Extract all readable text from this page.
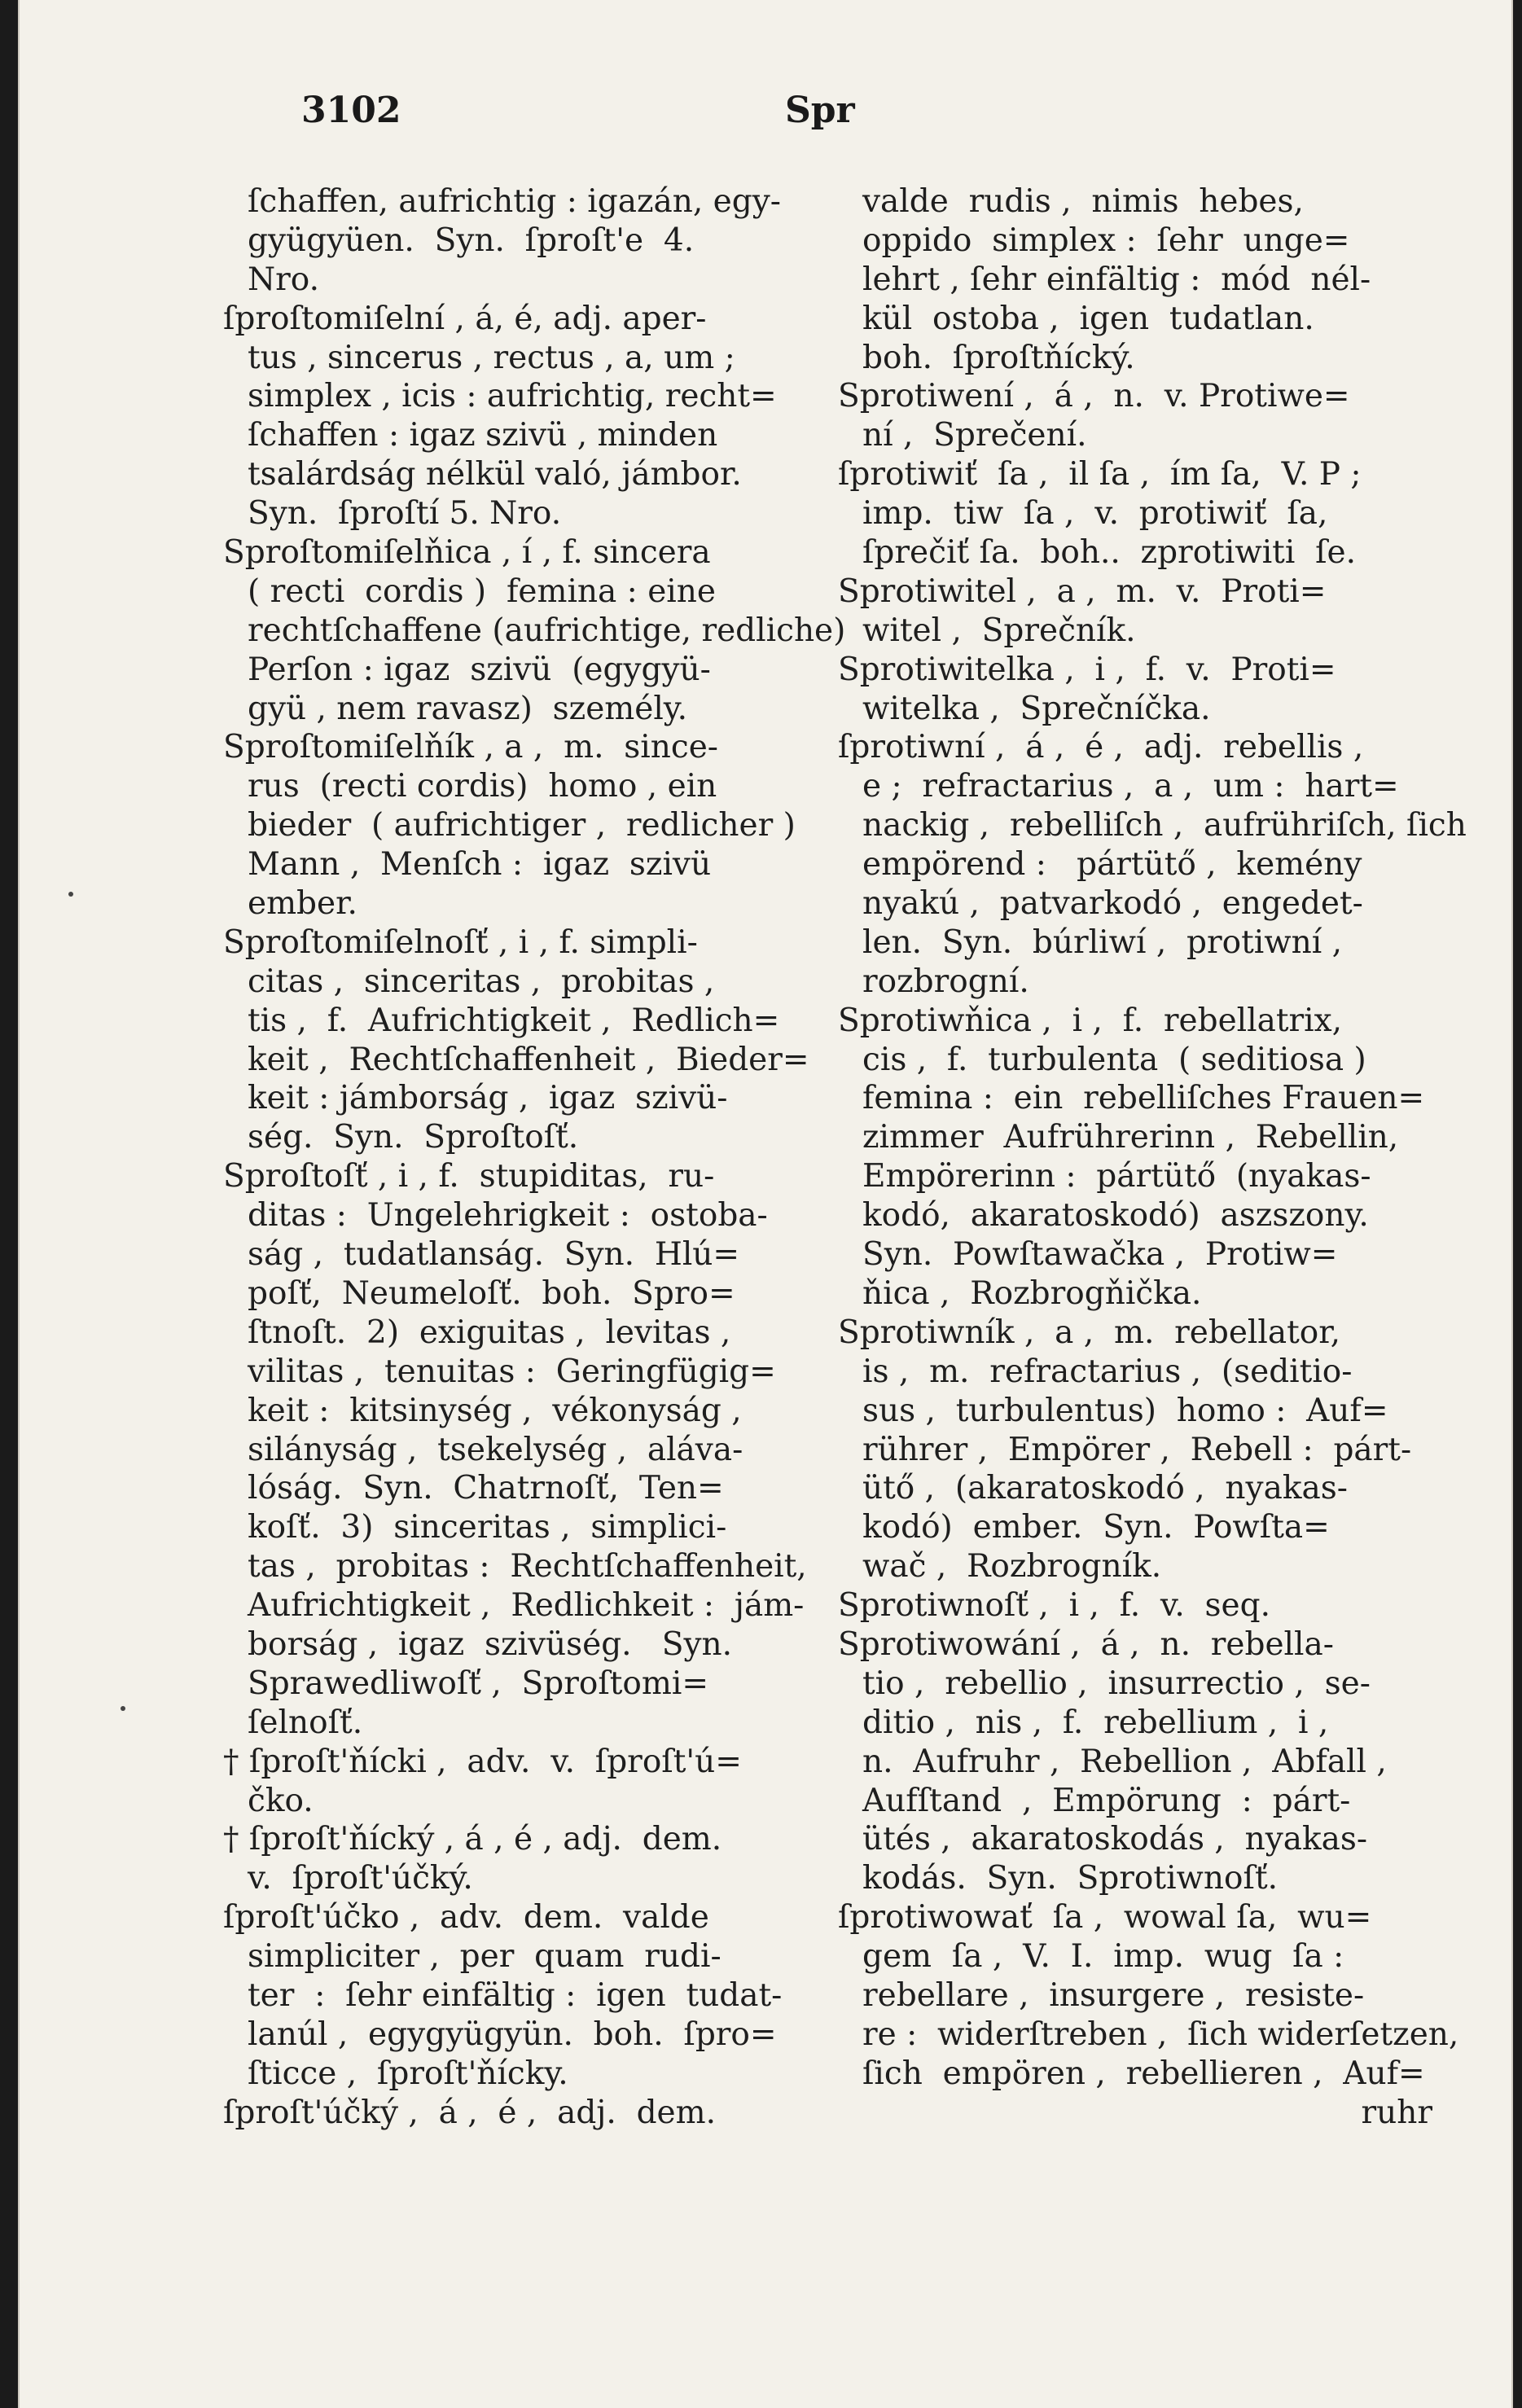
3102	Spr
ſchaffen, aufrichtig : igazán, egy-
gyügyüen.  Syn.  ſproſt'e  4.
Nro.
ſproſtomiſelní , á, é, adj. aper-
tus , sincerus , rectus , a, um ;
simplex , icis : aufrichtig, recht=
ſchaffen : igaz szivü , minden
tsalárdság nélkül való, jámbor.
Syn.  ſproſtí 5. Nro.
Sproſtomiſelňica , í , f. sincera
( recti  cordis )  femina : eine
rechtſchaffene (aufrichtige, redliche)
Perſon : igaz  szivü  (egygyü-
gyü , nem ravasz)  személy.
Sproſtomiſelňík , a ,  m.  since-
rus  (recti cordis)  homo , ein
bieder  ( aufrichtiger ,  redlicher )
Mann ,  Menſch :  igaz  szivü
ember.
Sproſtomiſelnoſť , i , f. simpli-
citas ,  sinceritas ,  probitas ,
tis ,  f.  Aufrichtigkeit ,  Redlich=
keit ,  Rechtſchaffenheit ,  Bieder=
keit : jámborság ,  igaz  szivü-
ség.  Syn.  Sproſtoſť.
Sproſtoſť , i , f.  stupiditas,  ru-
ditas :  Ungelehrigkeit :  ostoba-
ság ,  tudatlanság.  Syn.  Hlú=
poſť,  Neumeloſť.  boh.  Spro=
ſtnoſt.  2)  exiguitas ,  levitas ,
vilitas ,  tenuitas :  Geringfügig=
keit :  kitsinység ,  vékonyság ,
silányság ,  tsekelység ,  aláva-
lóság.  Syn.  Chatrnoſť,  Ten=
koſť.  3)  sinceritas ,  simplici-
tas ,  probitas :  Rechtſchaffenheit,
Aufrichtigkeit ,  Redlichkeit :  jám-
borság ,  igaz  szivüség.   Syn.
Sprawedliwoſť ,  Sproſtomi=
ſelnoſť.
† ſproſt'ňícki ,  adv.  v.  ſproſt'ú=
čko.
† ſproſt'ňícký , á , é , adj.  dem.
v.  ſproſt'účký.
ſproſt'účko ,  adv.  dem.  valde
simpliciter ,  per  quam  rudi-
ter  :  ſehr einfältig :  igen  tudat-
lanúl ,  egygyügyün.  boh.  ſpro=
ſticce ,  ſproſt'ňícky.
ſproſt'účký ,  á ,  é ,  adj.  dem.
valde  rudis ,  nimis  hebes,
oppido  simplex :  ſehr  unge=
lehrt , ſehr einfältig :  mód  nél-
kül  ostoba ,  igen  tudatlan.
boh.  ſproſtňícký.
Sprotiwení ,  á ,  n.  v. Protiwe=
ní ,  Sprečení.
ſprotiwiť  ſa ,  il ſa ,  ím ſa,  V. P ;
imp.  tiw  ſa ,  v.  protiwiť  ſa,
ſprečiť ſa.  boh..  zprotiwiti  ſe.
Sprotiwitel ,  a ,  m.  v.  Proti=
witel ,  Sprečník.
Sprotiwitelka ,  i ,  f.  v.  Proti=
witelka ,  Sprečníčka.
ſprotiwní ,  á ,  é ,  adj.  rebellis ,
e ;  refractarius ,  a ,  um :  hart=
nackig ,  rebelliſch ,  aufrühriſch, ſich
empörend :   pártütő ,  kemény
nyakú ,  patvarkodó ,  engedet-
len.  Syn.  búrliwí ,  protiwní ,
rozbrogní.
Sprotiwňica ,  i ,  f.  rebellatrix,
cis ,  f.  turbulenta  ( seditiosa )
femina :  ein  rebelliſches Frauen=
zimmer  Aufrührerinn ,  Rebellin,
Empörerinn :  pártütő  (nyakas-
kodó,  akaratoskodó)  aszszony.
Syn.  Powſtawačka ,  Protiw=
ňica ,  Rozbrogňička.
Sprotiwník ,  a ,  m.  rebellator,
is ,  m.  refractarius ,  (seditio-
sus ,  turbulentus)  homo :  Auf=
rührer ,  Empörer ,  Rebell :  párt-
ütő ,  (akaratoskodó ,  nyakas-
kodó)  ember.  Syn.  Powſta=
wač ,  Rozbrogník.
Sprotiwnoſť ,  i ,  f.  v.  seq.
Sprotiwowání ,  á ,  n.  rebella-
tio ,  rebellio ,  insurrectio ,  se-
ditio ,  nis ,  f.  rebellium ,  i ,
n.  Aufruhr ,  Rebellion ,  Abfall ,
Aufſtand  ,  Empörung  :  párt-
ütés ,  akaratoskodás ,  nyakas-
kodás.  Syn.  Sprotiwnoſť.
ſprotiwowať  ſa ,  wowal ſa,  wu=
gem  ſa ,  V.  I.  imp.  wug  ſa :
rebellare ,  insurgere ,  resiste-
re :  widerſtreben ,  ſich widerſetzen,
ſich  empören ,  rebellieren ,  Auf=
ruhr
